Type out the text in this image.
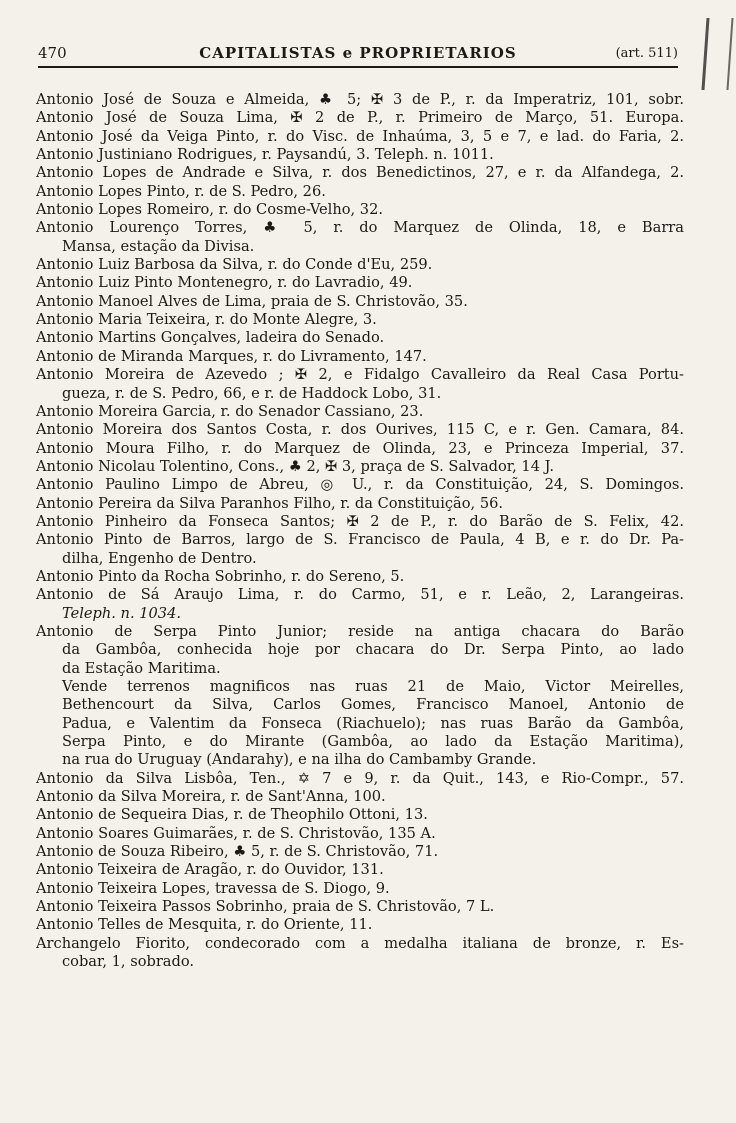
470	CAPITALISTAS e PROPRIETARIOS	(art. 511)
Antonio José de Souza e Almeida, ♣ 5; ✠ 3 de P., r. da Imperatriz, 101, sobr.
Antonio José de Souza Lima, ✠ 2 de P., r. Primeiro de Março, 51. Europa.
Antonio José da Veiga Pinto, r. do Visc. de Inhaúma, 3, 5 e 7, e lad. do Faria, 2.
Antonio Justiniano Rodrigues, r. Paysandú, 3. Teleph. n. 1011.
Antonio Lopes de Andrade e Silva, r. dos Benedictinos, 27, e r. da Alfandega, 2.
Antonio Lopes Pinto, r. de S. Pedro, 26.
Antonio Lopes Romeiro, r. do Cosme-Velho, 32.
Antonio Lourenço Torres, ♣ 5, r. do Marquez de Olinda, 18, e Barra
Mansa, estação da Divisa.
Antonio Luiz Barbosa da Silva, r. do Conde d'Eu, 259.
Antonio Luiz Pinto Montenegro, r. do Lavradio, 49.
Antonio Manoel Alves de Lima, praia de S. Christovão, 35.
Antonio Maria Teixeira, r. do Monte Alegre, 3.
Antonio Martins Gonçalves, ladeira do Senado.
Antonio de Miranda Marques, r. do Livramento, 147.
Antonio Moreira de Azevedo ; ✠ 2, e Fidalgo Cavalleiro da Real Casa Portu-
gueza, r. de S. Pedro, 66, e r. de Haddock Lobo, 31.
Antonio Moreira Garcia, r. do Senador Cassiano, 23.
Antonio Moreira dos Santos Costa, r. dos Ourives, 115 C, e r. Gen. Camara, 84.
Antonio Moura Filho, r. do Marquez de Olinda, 23, e Princeza Imperial, 37.
Antonio Nicolau Tolentino, Cons., ♣ 2, ✠ 3, praça de S. Salvador, 14 J.
Antonio Paulino Limpo de Abreu, ◎ U., r. da Constituição, 24, S. Domingos.
Antonio Pereira da Silva Paranhos Filho, r. da Constituição, 56.
Antonio Pinheiro da Fonseca Santos; ✠ 2 de P., r. do Barão de S. Felix, 42.
Antonio Pinto de Barros, largo de S. Francisco de Paula, 4 B, e r. do Dr. Pa-
dilha, Engenho de Dentro.
Antonio Pinto da Rocha Sobrinho, r. do Sereno, 5.
Antonio de Sá Araujo Lima, r. do Carmo, 51, e r. Leão, 2, Larangeiras.
Teleph. n. 1034.
Antonio de Serpa Pinto Junior; reside na antiga chacara do Barão
da Gambôa, conhecida hoje por chacara do Dr. Serpa Pinto, ao lado
da Estação Maritima.
Vende terrenos magnificos nas ruas 21 de Maio, Victor Meirelles,
Bethencourt da Silva, Carlos Gomes, Francisco Manoel, Antonio de
Padua, e Valentim da Fonseca (Riachuelo); nas ruas Barão da Gambôa,
Serpa Pinto, e do Mirante (Gambôa, ao lado da Estação Maritima),
na rua do Uruguay (Andarahy), e na ilha do Cambamby Grande.
Antonio da Silva Lisbôa, Ten., ✡ 7 e 9, r. da Quit., 143, e Rio-Compr., 57.
Antonio da Silva Moreira, r. de Sant'Anna, 100.
Antonio de Sequeira Dias, r. de Theophilo Ottoni, 13.
Antonio Soares Guimarães, r. de S. Christovão, 135 A.
Antonio de Souza Ribeiro, ♣ 5, r. de S. Christovão, 71.
Antonio Teixeira de Aragão, r. do Ouvidor, 131.
Antonio Teixeira Lopes, travessa de S. Diogo, 9.
Antonio Teixeira Passos Sobrinho, praia de S. Christovão, 7 L.
Antonio Telles de Mesquita, r. do Oriente, 11.
Archangelo Fiorito, condecorado com a medalha italiana de bronze, r. Es-
cobar, 1, sobrado.
